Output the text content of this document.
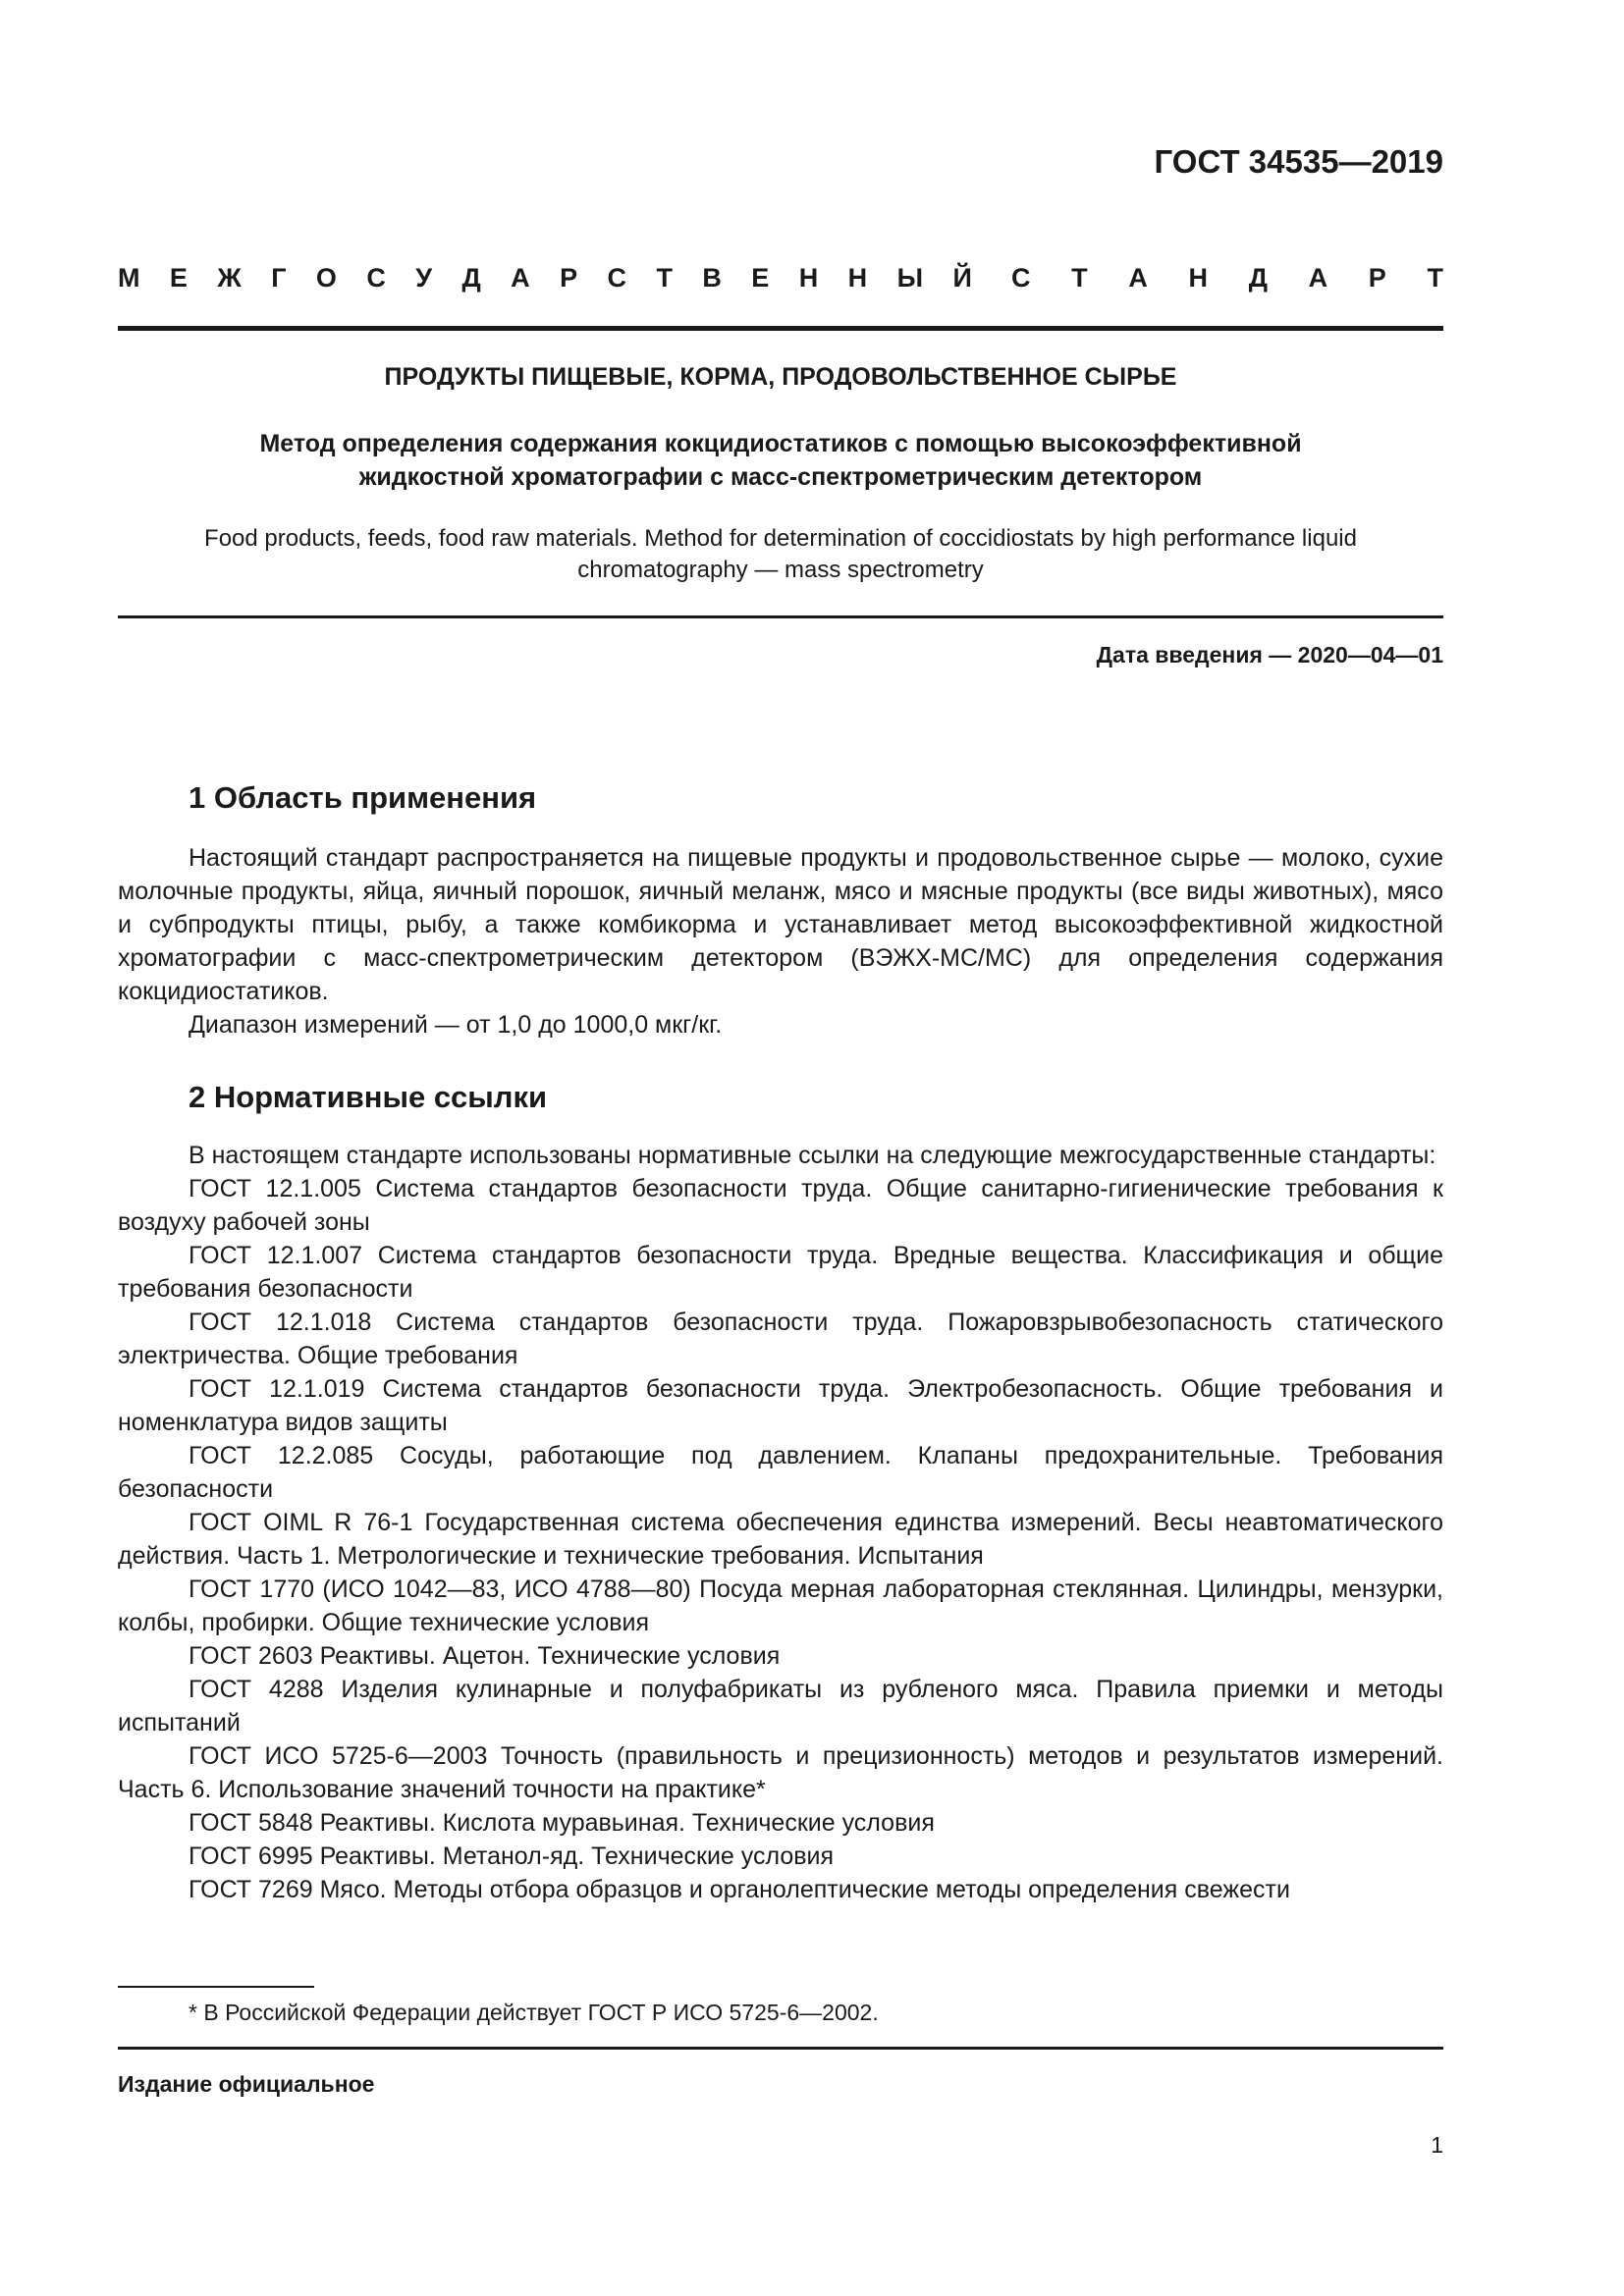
ГОСТ 34535—2019
М Е Ж Г О С У Д А Р С Т В Е Н Н Ы Й С Т А Н Д А Р Т
ПРОДУКТЫ ПИЩЕВЫЕ, КОРМА, ПРОДОВОЛЬСТВЕННОЕ СЫРЬЕ
Метод определения содержания кокцидиостатиков с помощью высокоэффективной
жидкостной хроматографии с масс-спектрометрическим детектором
Food products, feeds, food raw materials. Method for determination of coccidiostats by high performance liquid
chromatography — mass spectrometry
Дата введения — 2020—04—01
1 Область применения

Настоящий стандарт распространяется на пищевые продукты и продовольственное сырье — молоко, сухие молочные продукты, яйца, яичный порошок, яичный меланж, мясо и мясные продукты (все виды животных), мясо и субпродукты птицы, рыбу, а также комбикорма и устанавливает метод высокоэффективной жидкостной хроматографии с масс-спектрометрическим детектором (ВЭЖХ-МС/МС) для определения содержания кокцидиостатиков.

Диапазон измерений — от 1,0 до 1000,0 мкг/кг.

2 Нормативные ссылки

В настоящем стандарте использованы нормативные ссылки на следующие межгосударственные стандарты:

ГОСТ 12.1.005 Система стандартов безопасности труда. Общие санитарно-гигиенические требования к воздуху рабочей зоны

ГОСТ 12.1.007 Система стандартов безопасности труда. Вредные вещества. Классификация и общие требования безопасности

ГОСТ 12.1.018 Система стандартов безопасности труда. Пожаровзрывобезопасность статического электричества. Общие требования

ГОСТ 12.1.019 Система стандартов безопасности труда. Электробезопасность. Общие требования и номенклатура видов защиты

ГОСТ 12.2.085 Сосуды, работающие под давлением. Клапаны предохранительные. Требования безопасности

ГОСТ OIML R 76-1 Государственная система обеспечения единства измерений. Весы неавтоматического действия. Часть 1. Метрологические и технические требования. Испытания

ГОСТ 1770 (ИСО 1042—83, ИСО 4788—80) Посуда мерная лабораторная стеклянная. Цилиндры, мензурки, колбы, пробирки. Общие технические условия

ГОСТ 2603 Реактивы. Ацетон. Технические условия

ГОСТ 4288 Изделия кулинарные и полуфабрикаты из рубленого мяса. Правила приемки и методы испытаний

ГОСТ ИСО 5725-6—2003 Точность (правильность и прецизионность) методов и результатов измерений. Часть 6. Использование значений точности на практике*

ГОСТ 5848 Реактивы. Кислота муравьиная. Технические условия

ГОСТ 6995 Реактивы. Метанол-яд. Технические условия

ГОСТ 7269 Мясо. Методы отбора образцов и органолептические методы определения свежести

* В Российской Федерации действует ГОСТ Р ИСО 5725-6—2002.
Издание официальное
1
